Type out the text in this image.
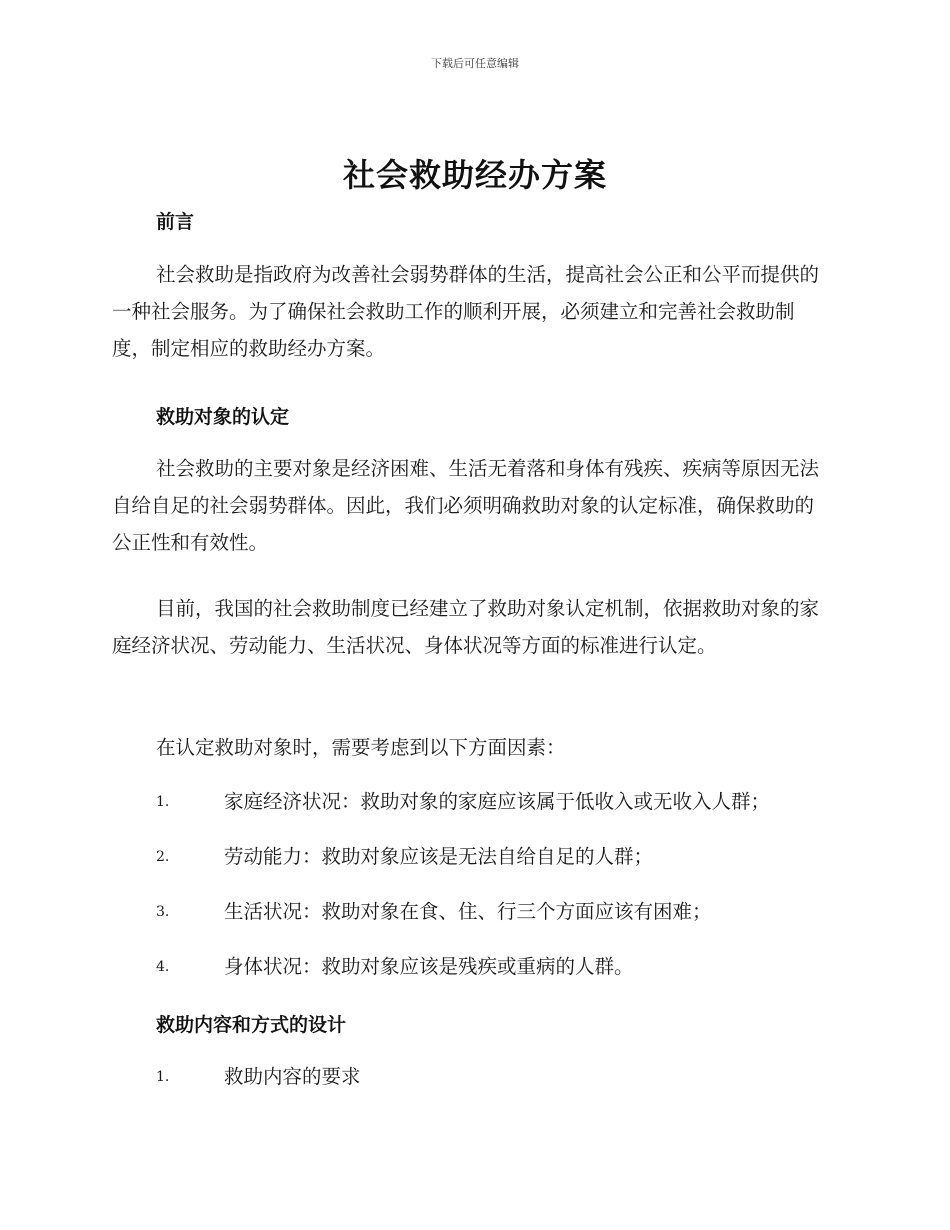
下载后可任意编辑
社会救助经办方案
前言
社会救助是指政府为改善社会弱势群体的生活，提高社会公正和公平而提供的一种社会服务。为了确保社会救助工作的顺利开展，必须建立和完善社会救助制度，制定相应的救助经办方案。
救助对象的认定
社会救助的主要对象是经济困难、生活无着落和身体有残疾、疾病等原因无法自给自足的社会弱势群体。因此，我们必须明确救助对象的认定标准，确保救助的公正性和有效性。
目前，我国的社会救助制度已经建立了救助对象认定机制，依据救助对象的家庭经济状况、劳动能力、生活状况、身体状况等方面的标准进行认定。
在认定救助对象时，需要考虑到以下方面因素：
1.	家庭经济状况：救助对象的家庭应该属于低收入或无收入人群；
2.	劳动能力：救助对象应该是无法自给自足的人群；
3.	生活状况：救助对象在食、住、行三个方面应该有困难；
4.	身体状况：救助对象应该是残疾或重病的人群。
救助内容和方式的设计
1.	救助内容的要求
